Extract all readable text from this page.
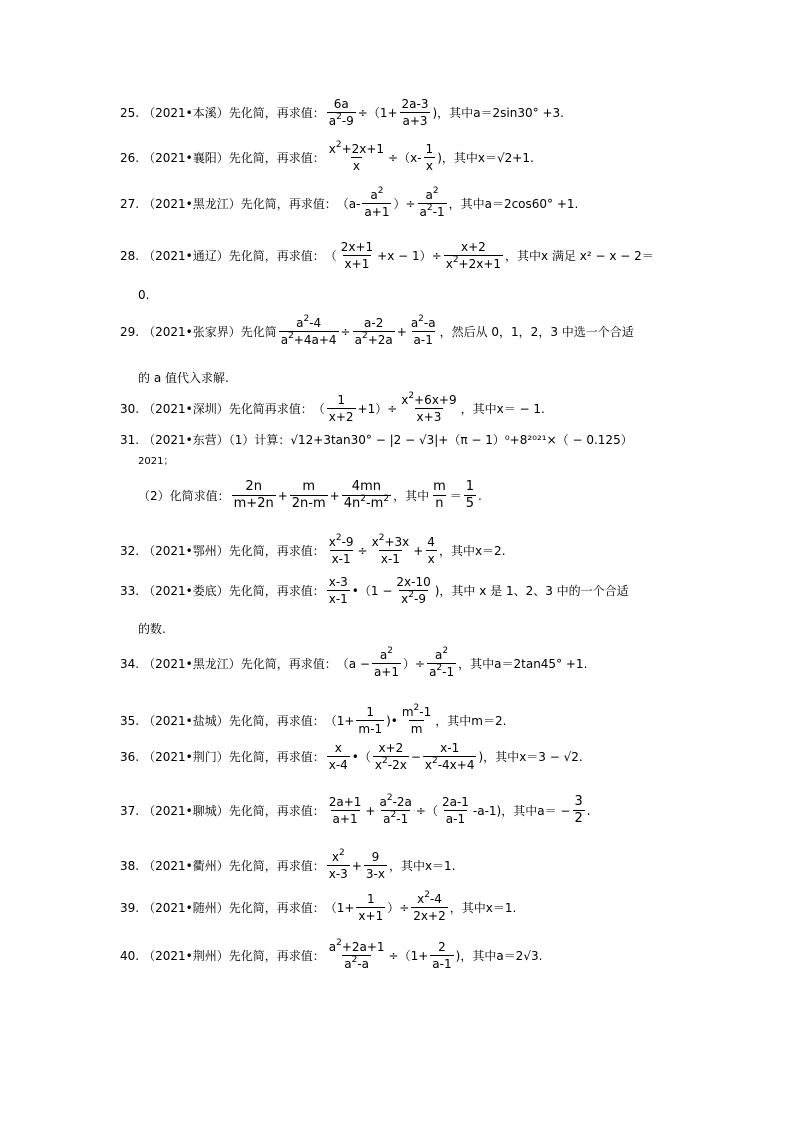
25. （2021•本溪）先化简，再求值： $\frac{6a}{a^2-9} \div(1+ \frac{2a-3}{a+3}$ ) ，其中 a＝2sin30° +3.
26. （2021•襄阳）先化简，再求值： $\frac{x^2+2x+1}{x} \div(x- \frac{1}{x}$ ) ，其中 x＝√2+1.
27. （2021•黑龙江）先化简，再求值： （$a- \frac{a^2}{a+1}$ ）÷ $\frac{a^2}{a^2-1}$ ，其中 a＝2cos60° +1.
28. （2021•通辽）先化简，再求值： （ $\frac{2x+1}{x+1} +x - 1)\div \frac{x+2}{x^2+2x+1}$ ，其中 x 满足 x² − x − 2＝
0.
29. （2021•张家界）先化简 $\frac{a^2-4}{a^2+4a+4} \div \frac{a-2}{a^2+2a} + \frac{a^2-a}{a-1}$ ，然后从 0，1，2，3 中选一个合适
的 a 值代入求解.
30. （2021•深圳）先化简再求值： （ $\frac{1}{x+2} +1)\div \frac{x^2+6x+9}{x+3}$ ，其中 x＝ − 1.
31. （2021•东营）（1）计算： √12+3tan30° − |2 − √3|+（π − 1）⁰+8²⁰²¹×（ − 0.125）
2021；
（2）化简求值： $\frac{2n}{m+2n} + \frac{m}{2n-m} + \frac{4mn}{4n^2-m^2}$ ，其中 $\frac{m}{n} = \frac{1}{5}$ .
32. （2021•鄂州）先化简，再求值： $\frac{x^2-9}{x-1} \div \frac{x^2+3x}{x-1} + \frac{4}{x}$ ，其中 x＝2.
33. （2021•娄底）先化简，再求值： $\frac{x-3}{x-1}$ •（1 − $\frac{2x-10}{x^2-9}$ ) ，其中 x 是 1、2、3 中的一个合适
的数.
34. （2021•黑龙江）先化简，再求值： （$a - \frac{a^2}{a+1}$ ）÷ $\frac{a^2}{a^2-1}$ ，其中 a＝2tan45° +1.
35. （2021•盐城）先化简，再求值： （$1+ \frac{1}{m-1}$ )• $\frac{m^2-1}{m}$ ，其中 m＝2.
36. （2021•荆门）先化简，再求值： $\frac{x}{x-4}$ •（ $\frac{x+2}{x^2-2x} - \frac{x-1}{x^2-4x+4}$ ) ，其中 x＝3 − √2.
37. （2021•聊城）先化简，再求值： $\frac{2a+1}{a+1} + \frac{a^2-2a}{a^2-1}$ ÷（ $\frac{2a-1}{a-1} -a-1$) ，其中 $a= - \frac{3}{2}$ .
38. （2021•衢州）先化简，再求值： $\frac{x^2}{x-3} + \frac{9}{3-x}$ ，其中 x＝1.
39. （2021•随州）先化简，再求值： （$1+ \frac{1}{x+1}$ ）÷ $\frac{x^2-4}{2x+2}$ ，其中 x＝1.
40. （2021•荆州）先化简，再求值： $\frac{a^2+2a+1}{a^2-a} \div(1+ \frac{2}{a-1}$ ) ，其中 a＝2√3.
